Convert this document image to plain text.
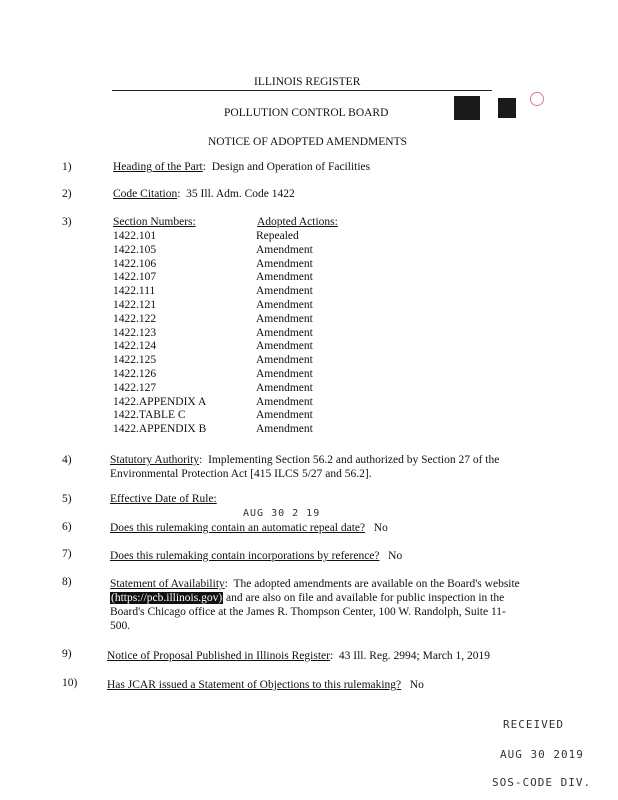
ILLINOIS REGISTER
POLLUTION CONTROL BOARD
NOTICE OF ADOPTED AMENDMENTS
1)	Heading of the Part:  Design and Operation of Facilities
2)	Code Citation:  35 Ill. Adm. Code 1422
3)	Section Numbers:	Adopted Actions:
1422.101	Repealed
1422.105	Amendment
1422.106	Amendment
1422.107	Amendment
1422.111	Amendment
1422.121	Amendment
1422.122	Amendment
1422.123	Amendment
1422.124	Amendment
1422.125	Amendment
1422.126	Amendment
1422.127	Amendment
1422.APPENDIX A	Amendment
1422.TABLE C	Amendment
1422.APPENDIX B	Amendment
4)	Statutory Authority:  Implementing Section 56.2 and authorized by Section 27 of the
Environmental Protection Act [415 ILCS 5/27 and 56.2].
5)	Effective Date of Rule:
AUG 30 2 19
6)	Does this rulemaking contain an automatic repeal date? No
7)	Does this rulemaking contain incorporations by reference? No
8)	Statement of Availability:  The adopted amendments are available on the Board's website
(https://pcb.illinois.gov) and are also on file and available for public inspection in the
Board's Chicago office at the James R. Thompson Center, 100 W. Randolph, Suite 11-
500.
9)	Notice of Proposal Published in Illinois Register:  43 Ill. Reg. 2994; March 1, 2019
10)	Has JCAR issued a Statement of Objections to this rulemaking? No
RECEIVED
AUG 30 2019
SOS-CODE DIV.
